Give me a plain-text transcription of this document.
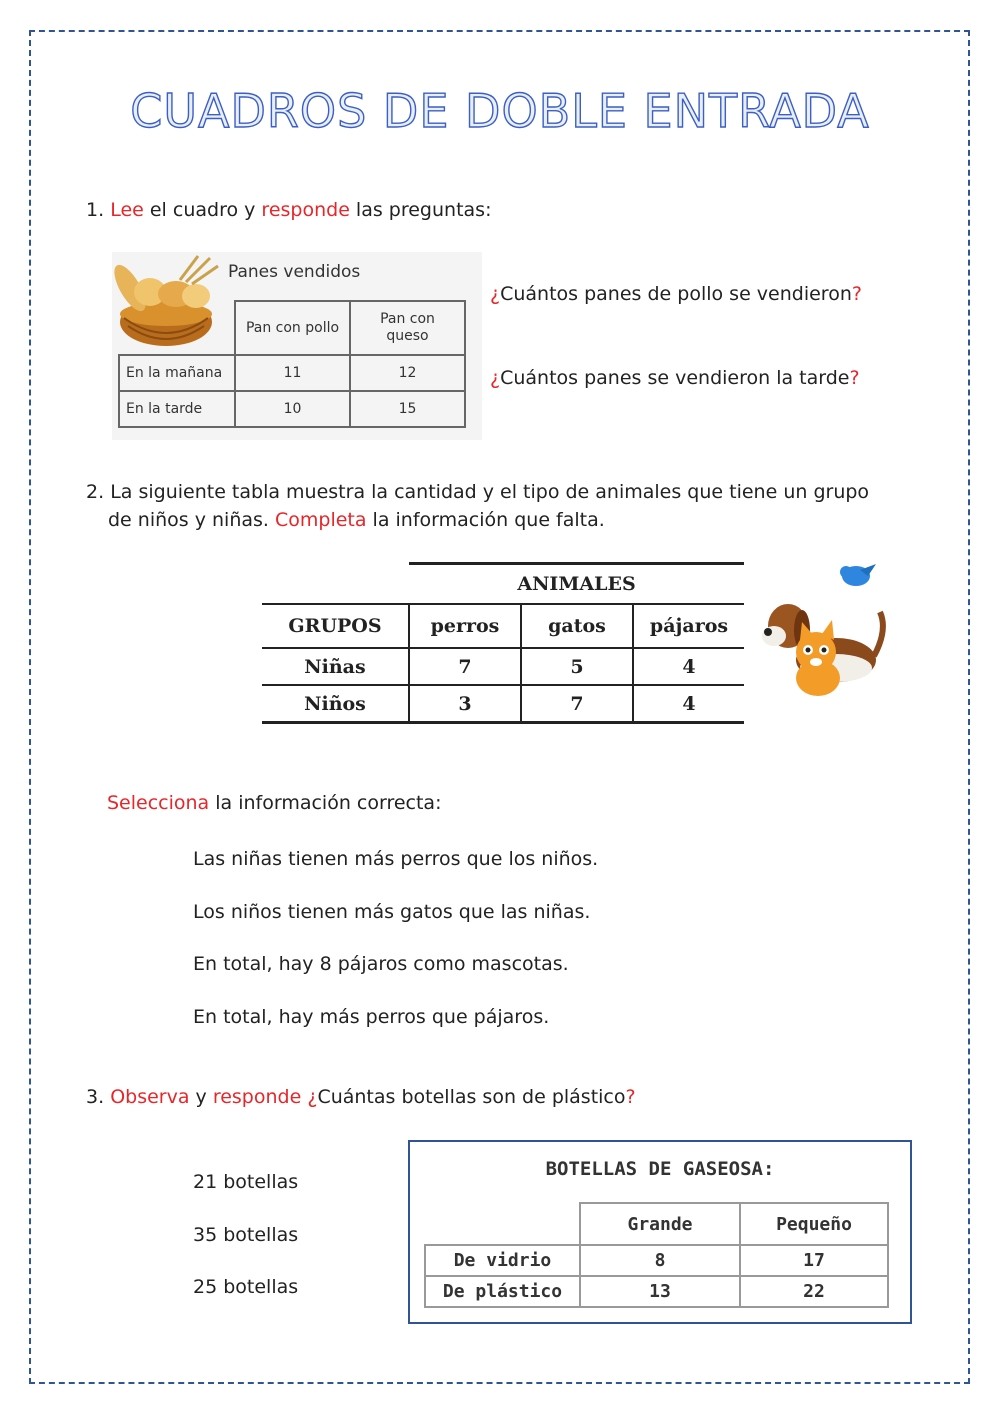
CUADROS DE DOBLE ENTRADA
1. Lee el cuadro y responde las preguntas:
Panes vendidos
	Pan con pollo	Pan con queso
En la mañana	11	12
En la tarde	10	15
¿Cuántos panes de pollo se vendieron?
¿Cuántos panes se vendieron la tarde?
2. La siguiente tabla muestra la cantidad y el tipo de animales que tiene un grupo
de niños y niñas. Completa la información que falta.
	ANIMALES		
GRUPOS	perros	gatos	pájaros
Niñas	7	5	4
Niños	3	7	4
Selecciona la información correcta:
Las niñas tienen más perros que los niños.
Los niños tienen más gatos que las niñas.
En total, hay 8 pájaros como mascotas.
En total, hay más perros que pájaros.
3. Observa y responde ¿Cuántas botellas son de plástico?
21 botellas
35 botellas
25 botellas
BOTELLAS DE GASEOSA:
	Grande	Pequeño
De vidrio	8	17
De plástico	13	22
